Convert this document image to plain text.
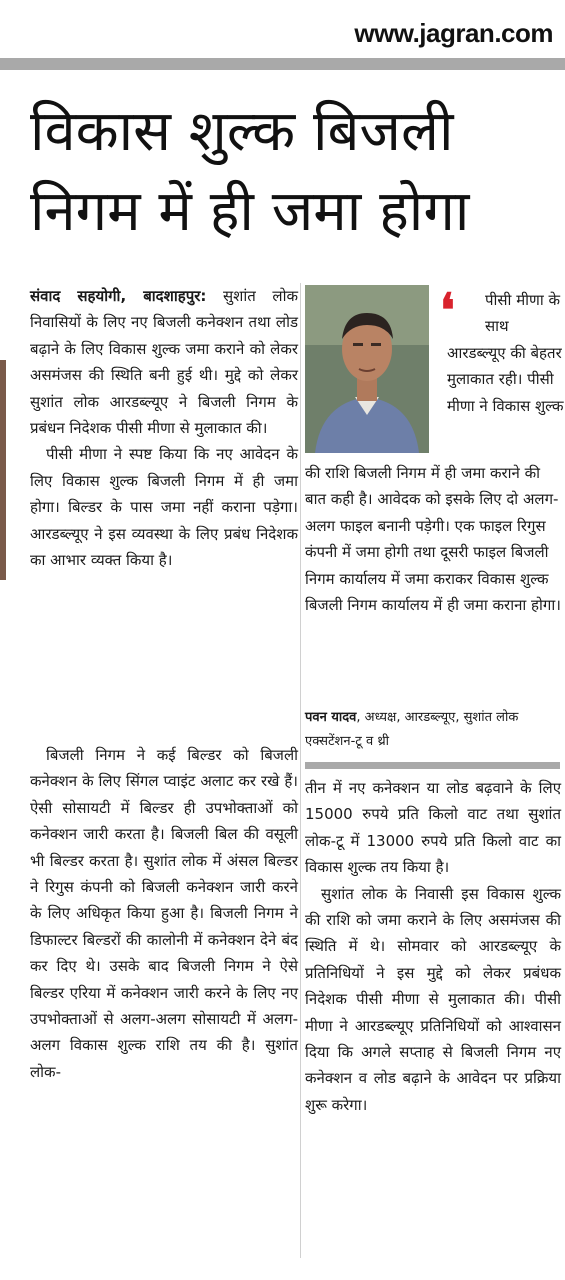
www.jagran.com
विकास शुल्क बिजली
निगम में ही जमा होगा

संवाद सहयोगी, बादशाहपुर: सुशांत लोक निवासियों के लिए नए बिजली कनेक्शन तथा लोड बढ़ाने के लिए विकास शुल्क जमा कराने को लेकर असमंजस की स्थिति बनी हुई थी। मुद्दे को लेकर सुशांत लोक आरडब्ल्यूए ने बिजली निगम के प्रबंधन निदेशक पीसी मीणा से मुलाकात की।

पीसी मीणा ने स्पष्ट किया कि नए आवेदन के लिए विकास शुल्क बिजली निगम में ही जमा होगा। बिल्डर के पास जमा नहीं कराना पड़ेगा। आरडब्ल्यूए ने इस व्यवस्था के लिए प्रबंध निदेशक का आभार व्यक्त किया है।

बिजली निगम ने कई बिल्डर को बिजली कनेक्शन के लिए सिंगल प्वाइंट अलाट कर रखे हैं। ऐसी सोसायटी में बिल्डर ही उपभोक्ताओं को कनेक्शन जारी करता है। बिजली बिल की वसूली भी बिल्डर करता है। सुशांत लोक में अंसल बिल्डर ने रिगुस कंपनी को बिजली कनेक्शन जारी करने के लिए अधिकृत किया हुआ है। बिजली निगम ने डिफाल्टर बिल्डरों की कालोनी में कनेक्शन देने बंद कर दिए थे। उसके बाद बिजली निगम ने ऐसे बिल्डर एरिया में कनेक्शन जारी करने के लिए नए उपभोक्ताओं से अलग-अलग सोसायटी में अलग-अलग विकास शुल्क राशि तय की है। सुशांत लोक-

❛ पीसी मीणा के साथ
आरडब्ल्यूए की बेहतर मुलाकात रही। पीसी मीणा ने विकास शुल्क
की राशि बिजली निगम में ही जमा कराने की बात कही है। आवेदक को इसके लिए दो अलग-अलग फाइल बनानी पड़ेगी। एक फाइल रिगुस कंपनी में जमा होगी तथा दूसरी फाइल बिजली निगम कार्यालय में जमा कराकर विकास शुल्क बिजली निगम कार्यालय में ही जमा कराना होगा।
पवन यादव, अध्यक्ष, आरडब्ल्यूए, सुशांत लोक एक्सटेंशन-टू व थ्री

तीन में नए कनेक्शन या लोड बढ़वाने के लिए 15000 रुपये प्रति किलो वाट तथा सुशांत लोक-टू में 13000 रुपये प्रति किलो वाट का विकास शुल्क तय किया है।

सुशांत लोक के निवासी इस विकास शुल्क की राशि को जमा कराने के लिए असमंजस की स्थिति में थे। सोमवार को आरडब्ल्यूए के प्रतिनिधियों ने इस मुद्दे को लेकर प्रबंधक निदेशक पीसी मीणा से मुलाकात की। पीसी मीणा ने आरडब्ल्यूए प्रतिनिधियों को आश्वासन दिया कि अगले सप्ताह से बिजली निगम नए कनेक्शन व लोड बढ़ाने के आवेदन पर प्रक्रिया शुरू करेगा।
